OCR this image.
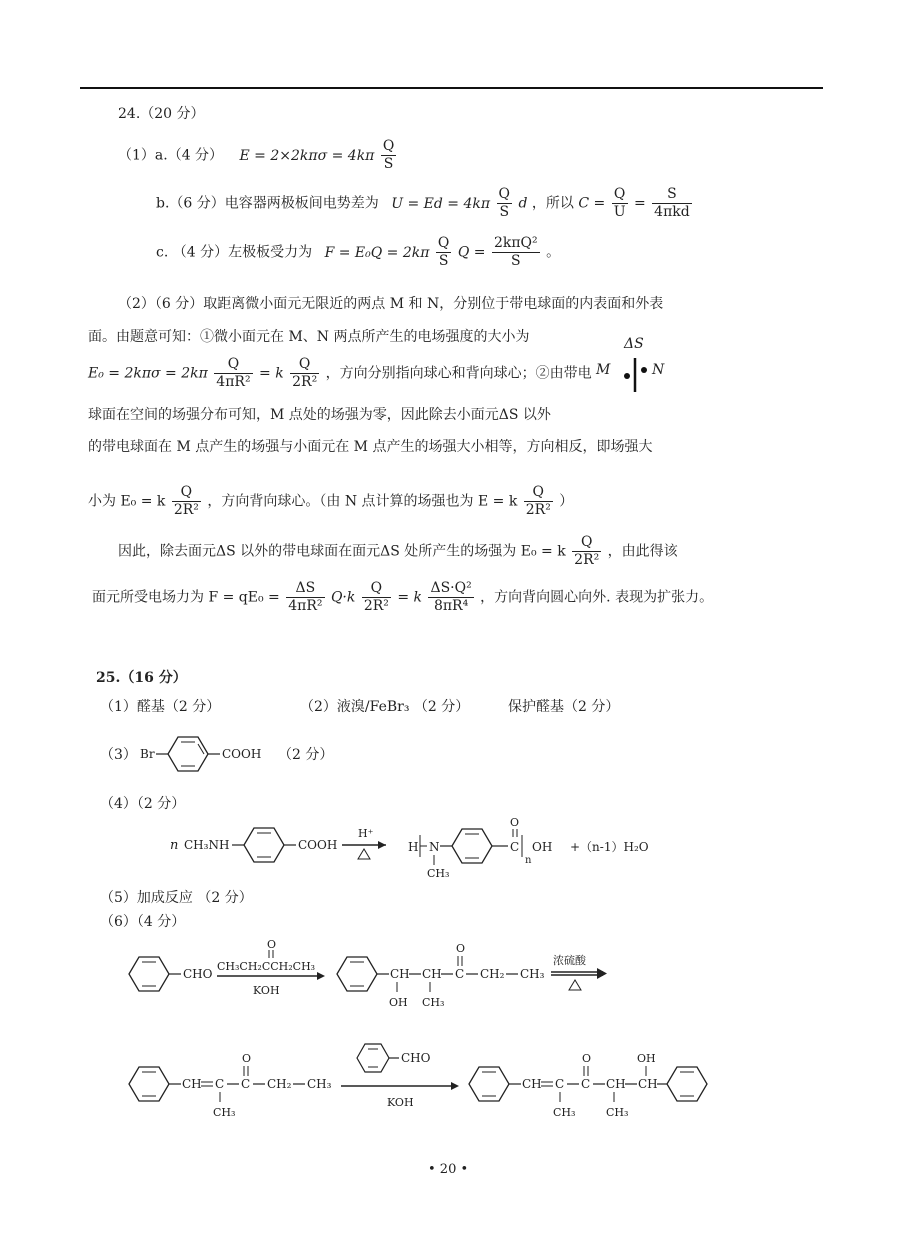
24.（20 分）
（1）a.（4 分） $E = 2\times 2k\pi\sigma = 4k\pi \frac{Q}{S}$
b.（6 分）电容器两极板间电势差为 $U = Ed = 4k\pi \frac{Q}{S}$ d ，所以 $C = \frac{Q}{U}$ =
S
4πkd
c. （4 分）左极板受力为 $F = E_0Q = 2k\pi \frac{Q}{S}$ Q =
2kπQ²
S
。
（2）（6 分）取距离微小面元无限近的两点 M 和 N，分别位于带电球面的内表面和外表
面。由题意可知：①微小面元在 M、N 两点所产生的电场强度的大小为
$E_0 = 2k\pi\sigma = 2k\pi \frac{Q}{\text{4πR²}} = k \frac{Q}{\text{2R²}}$ ，方向分别指向球心和背向球心；②由带电
ΔS
M	N
球面在空间的场强分布可知，M 点处的场强为零，因此除去小面元ΔS 以外
的带电球面在 M 点产生的场强与小面元在 M 点产生的场强大小相等，方向相反，即场强大
小为 E₀ = k $\frac{Q}{\text{2R²}}$ ，方向背向球心。（由 N 点计算的场强也为 E = k $\frac{Q}{\text{2R²}}$ ）
因此，除去面元ΔS 以外的带电球面在面元ΔS 处所产生的场强为 E₀ = k $\frac{Q}{\text{2R²}}$ ，由此得该
面元所受电场力为 $F = qE_0 = \frac{\Delta S}{\text{4πR²}} Q\cdot k \frac{Q}{\text{2R²}} = k \frac{\text{ΔS·Q²}}{\text{8πR⁴}}$ ，方向背向圆心向外. 表现为扩张力。
25.（16 分）
（1）醛基（2 分）	（2）液溴/FeBr₃ （2 分）	保护醛基（2 分）
（3） Br	COOH （2 分）
（4）（2 分）
n CH₃NH	COOH
H⁺
H N
CH₃
C
O
n
OH +（n-1）H₂O
（5）加成反应 （2 分）
（6）（4 分）
CHO
O
CH₃CH₂CCH₂CH₃
KOH
CH
OH
CH
CH₃
C
O
CH₂ CH₃
浓硫酸
CH C
CH₃
C
O
CH₂ CH₃
CHO
KOH
CH C
CH₃
C
O
CH
CH₃
CH
OH
• 20 •
